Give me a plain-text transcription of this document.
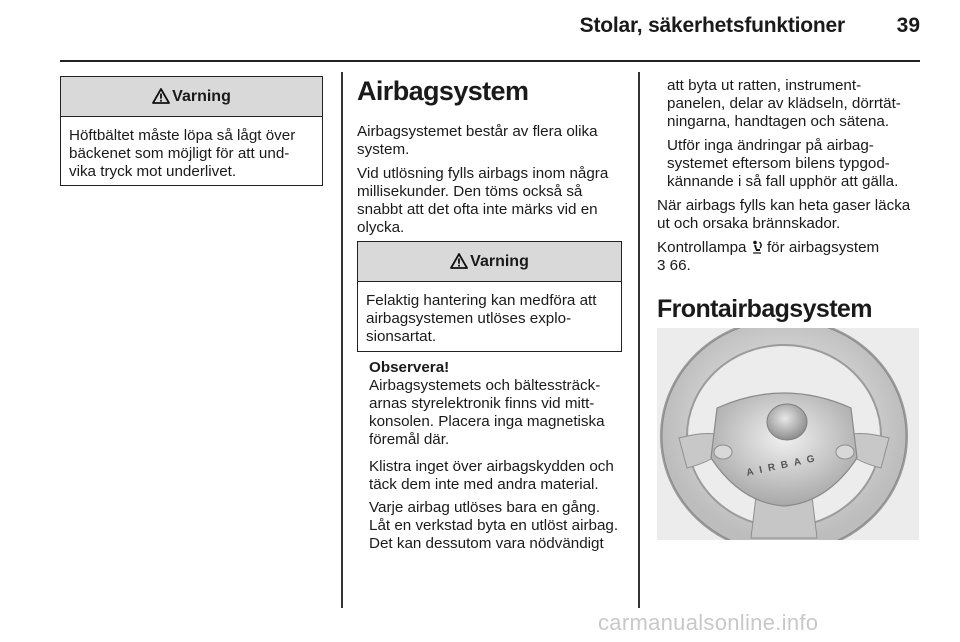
Stolar, säkerhetsfunktioner	39
Varning
Höftbältet måste löpa så lågt över
bäckenet som möjligt för att und-
vika tryck mot underlivet.
Airbagsystem
Airbagsystemet består av flera olika
system.
Vid utlösning fylls airbags inom några
millisekunder. Den töms också så
snabbt att det ofta inte märks vid en
olycka.
Varning
Felaktig hantering kan medföra att
airbagsystemen utlöses explo-
sionsartat.
Observera!
Airbagsystemets och bältessträck-
arnas styrelektronik finns vid mitt-
konsolen. Placera inga magnetiska
föremål där.
Klistra inget över airbagskydden och
täck dem inte med andra material.
Varje airbag utlöses bara en gång.
Låt en verkstad byta en utlöst airbag.
Det kan dessutom vara nödvändigt
att byta ut ratten, instrument-
panelen, delar av klädseln, dörrtät-
ningarna, handtagen och sätena.
Utför inga ändringar på airbag-
systemet eftersom bilens typgod-
kännande i så fall upphör att gälla.
När airbags fylls kan heta gaser läcka
ut och orsaka brännskador.
Kontrollampa  för airbagsystem
3 66.
Frontairbagsystem
AIRBAG
carmanualsonline.info
